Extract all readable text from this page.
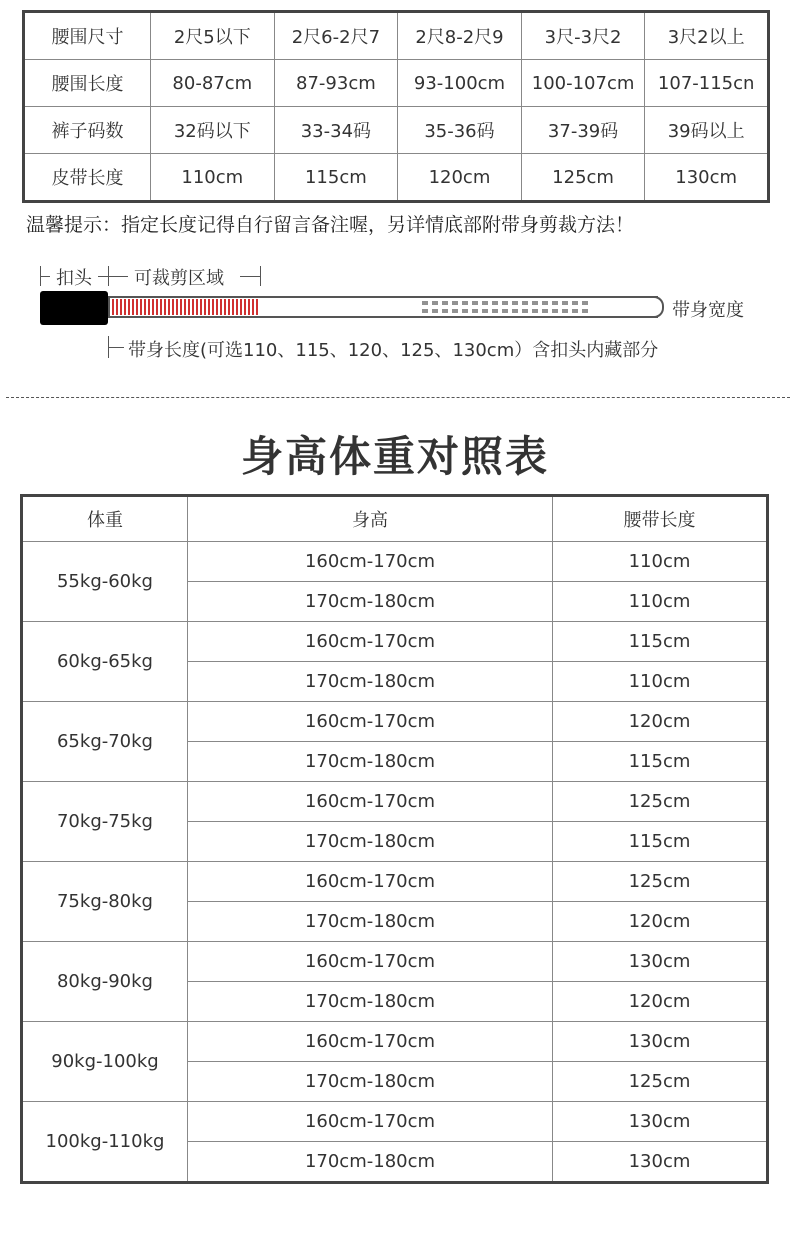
腰围尺寸	2尺5以下	2尺6-2尺7	2尺8-2尺9	3尺-3尺2	3尺2以上
腰围长度	80-87cm	87-93cm	93-100cm	100-107cm	107-115cn
裤子码数	32码以下	33-34码	35-36码	37-39码	39码以上
皮带长度	110cm	115cm	120cm	125cm	130cm
温馨提示：指定长度记得自行留言备注喔，另详情底部附带身剪裁方法！
扣头 可裁剪区域
带身宽度
带身长度(可选110、115、120、125、130cm）含扣头内藏部分
身高体重对照表
体重	身高	腰带长度
55kg-60kg	160cm-170cm	110cm
	170cm-180cm	110cm
60kg-65kg	160cm-170cm	115cm
	170cm-180cm	110cm
65kg-70kg	160cm-170cm	120cm
	170cm-180cm	115cm
70kg-75kg	160cm-170cm	125cm
	170cm-180cm	115cm
75kg-80kg	160cm-170cm	125cm
	170cm-180cm	120cm
80kg-90kg	160cm-170cm	130cm
	170cm-180cm	120cm
90kg-100kg	160cm-170cm	130cm
	170cm-180cm	125cm
100kg-110kg	160cm-170cm	130cm
	170cm-180cm	130cm
